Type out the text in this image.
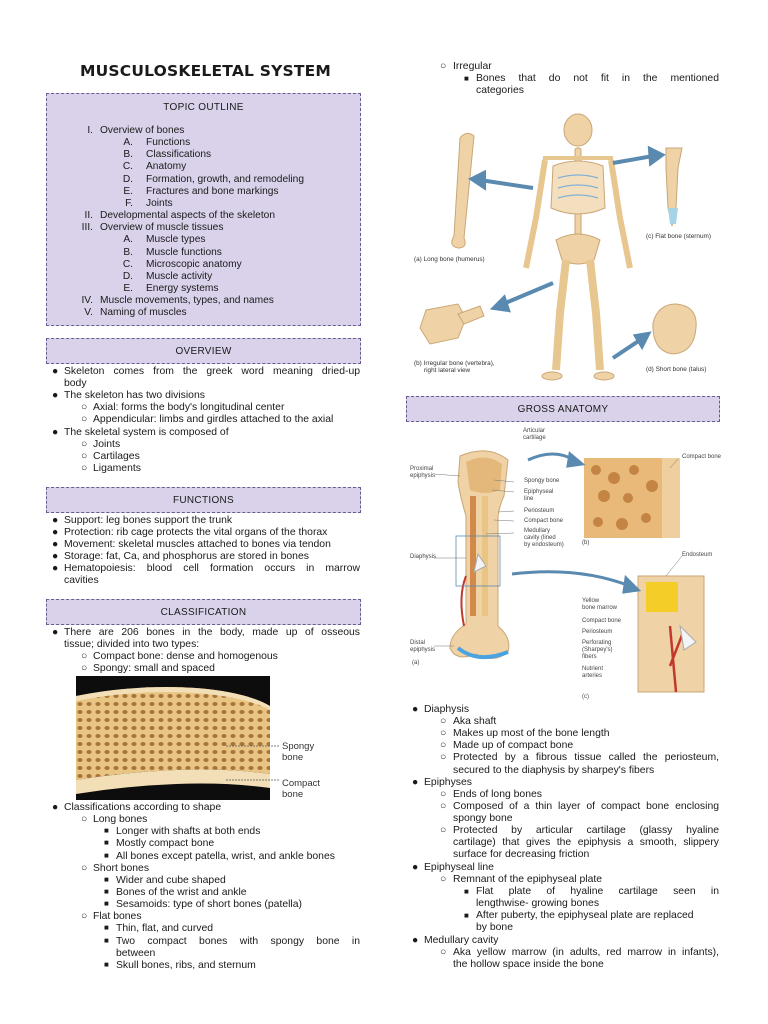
MUSCULOSKELETAL SYSTEM
TOPIC OUTLINE
I. Overview of bones
A. Functions
B. Classifications
C. Anatomy
D. Formation, growth, and remodeling
E. Fractures and bone markings
F. Joints
II. Developmental aspects of the skeleton
III. Overview of muscle tissues
A. Muscle types
B. Muscle functions
C. Microscopic anatomy
D. Muscle activity
E. Energy systems
IV. Muscle movements, types, and names
V. Naming of muscles
OVERVIEW
● Skeleton comes from the greek word meaning dried-up
body
● The skeleton has two divisions
○ Axial: forms the body's longitudinal center
○ Appendicular: limbs and girdles attached to the axial
● The skeletal system is composed of
○ Joints
○ Cartilages
○ Ligaments
FUNCTIONS
● Support: leg bones support the trunk
● Protection: rib cage protects the vital organs of the thorax
● Movement: skeletal muscles attached to bones via tendon
● Storage: fat, Ca, and phosphorus are stored in bones
● Hematopoiesis: blood cell formation occurs in marrow
cavities
CLASSIFICATION
● There are 206 bones in the body, made up of osseous
tissue; divided into two types:
○ Compact bone: dense and homogenous
○ Spongy: small and spaced
Spongy
bone
Compact
bone
● Classifications according to shape
○ Long bones
■ Longer with shafts at both ends
■ Mostly compact bone
■ All bones except patella, wrist, and ankle bones
○ Short bones
■ Wider and cube shaped
■ Bones of the wrist and ankle
■ Sesamoids: type of short bones (patella)
○ Flat bones
■ Thin, flat, and curved
■ Two compact bones with spongy bone in
between
■ Skull bones, ribs, and sternum
○ Irregular
■ Bones that do not fit in the mentioned
categories
(a) Long bone (humerus)
(c) Flat bone (sternum)
(b) Irregular bone (vertebra),
right lateral view	(d) Short bone (talus)
GROSS ANATOMY
Articular
cartilage
Proximal
epiphysis
Spongy bone
Epiphyseal
line
Periosteum
Compact bone
Medullary
cavity (lined
by endosteum)
Diaphysis
Distal
epiphysis
(a)
(b)
(c)
Compact bone
Endosteum
Yellow
bone marrow
Compact bone
Periosteum
Perforating
(Sharpey's)
fibers
Nutrient
arteries
● Diaphysis
○ Aka shaft
○ Makes up most of the bone length
○ Made up of compact bone
○ Protected by a fibrous tissue called the periosteum,
secured to the diaphysis by sharpey's fibers
● Epiphyses
○ Ends of long bones
○ Composed of a thin layer of compact bone enclosing
spongy bone
○ Protected by articular cartilage (glassy hyaline
cartilage) that gives the epiphysis a smooth, slippery
surface for decreasing friction
● Epiphyseal line
○ Remnant of the epiphyseal plate
■ Flat plate of hyaline cartilage seen in
lengthwise- growing bones
■ After puberty, the epiphyseal plate are replaced
by bone
● Medullary cavity
○ Aka yellow marrow (in adults, red marrow in infants),
the hollow space inside the bone
